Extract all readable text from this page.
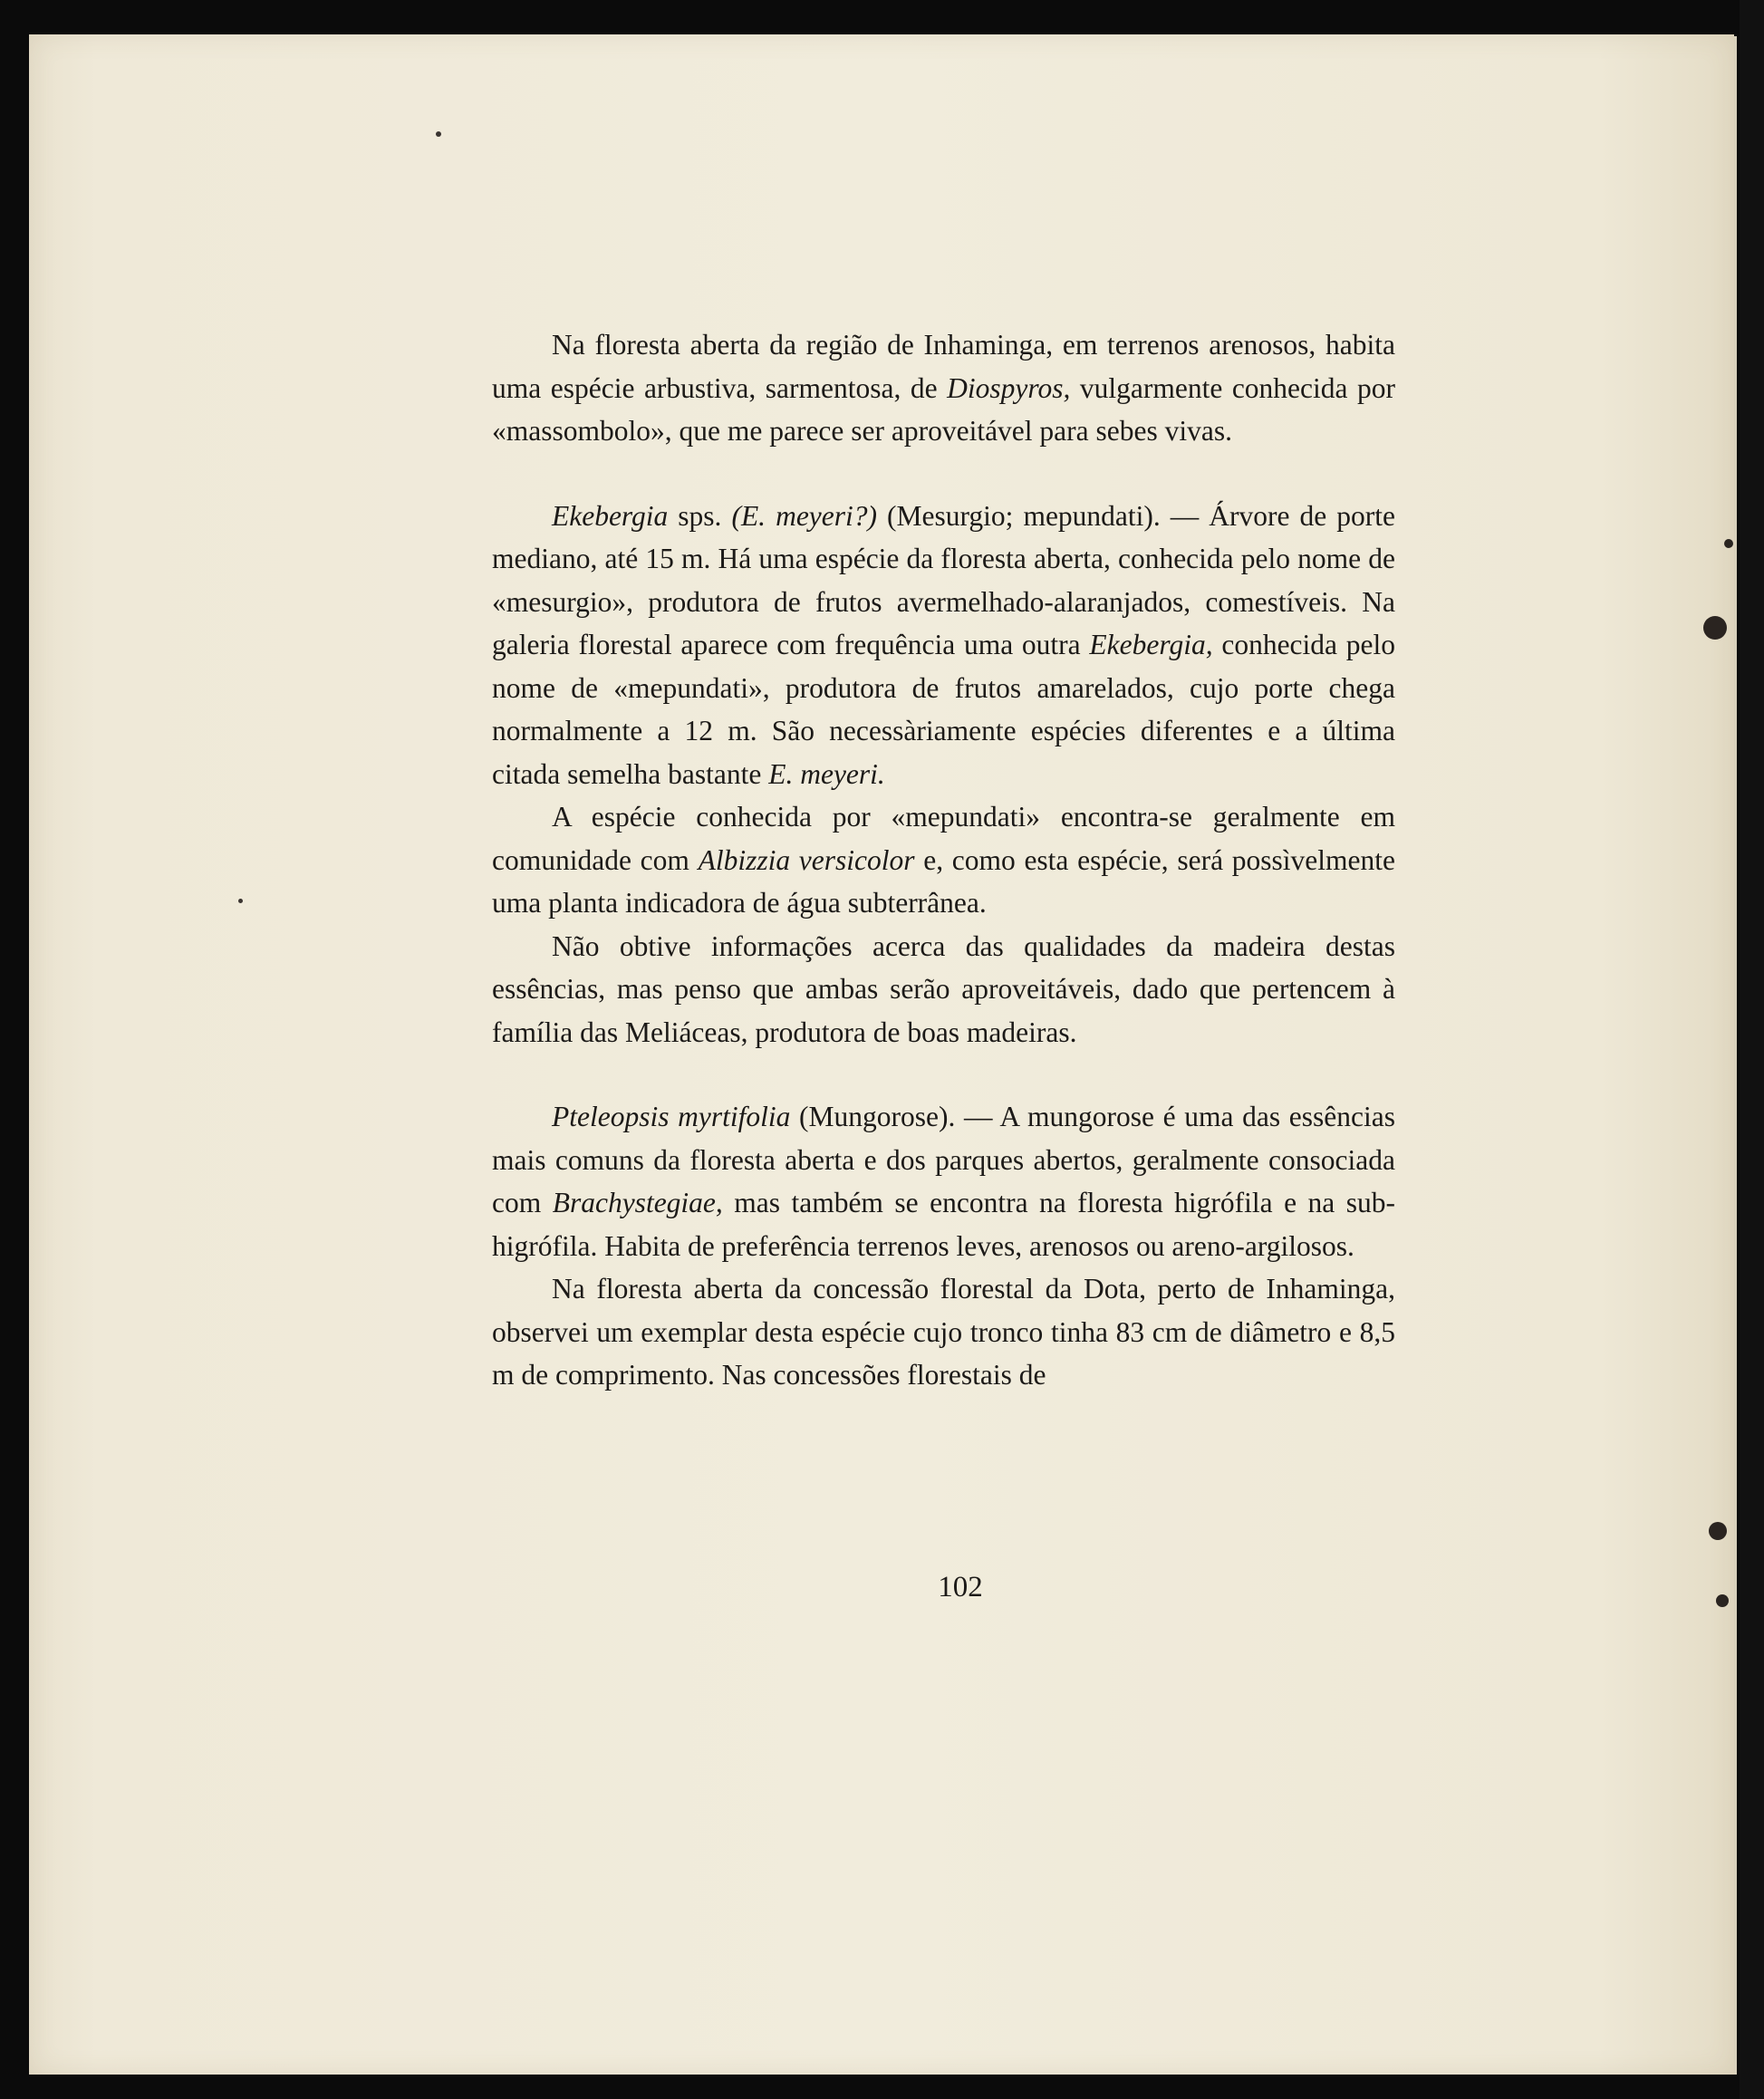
Na floresta aberta da região de Inhaminga, em terrenos arenosos, habita uma espécie arbustiva, sarmentosa, de Diospyros, vulgarmente conhecida por «massombolo», que me parece ser aproveitável para sebes vivas.

Ekebergia sps. (E. meyeri?) (Mesurgio; mepundati). — Árvore de porte mediano, até 15 m. Há uma espécie da floresta aberta, conhecida pelo nome de «mesurgio», produtora de frutos avermelhado-alaranjados, comestíveis. Na galeria florestal aparece com frequência uma outra Ekebergia, conhecida pelo nome de «mepundati», produtora de frutos amarelados, cujo porte chega normalmente a 12 m. São necessàriamente espécies diferentes e a última citada semelha bastante E. meyeri.

A espécie conhecida por «mepundati» encontra-se geralmente em comunidade com Albizzia versicolor e, como esta espécie, será possìvelmente uma planta indicadora de água subterrânea.

Não obtive informações acerca das qualidades da madeira destas essências, mas penso que ambas serão aproveitáveis, dado que pertencem à família das Meliáceas, produtora de boas madeiras.

Pteleopsis myrtifolia (Mungorose). — A mungorose é uma das essências mais comuns da floresta aberta e dos parques abertos, geralmente consociada com Brachystegiae, mas também se encontra na floresta higrófila e na sub-higrófila. Habita de preferência terrenos leves, arenosos ou areno-argilosos.

Na floresta aberta da concessão florestal da Dota, perto de Inhaminga, observei um exemplar desta espécie cujo tronco tinha 83 cm de diâmetro e 8,5 m de comprimento. Nas concessões florestais de

102
